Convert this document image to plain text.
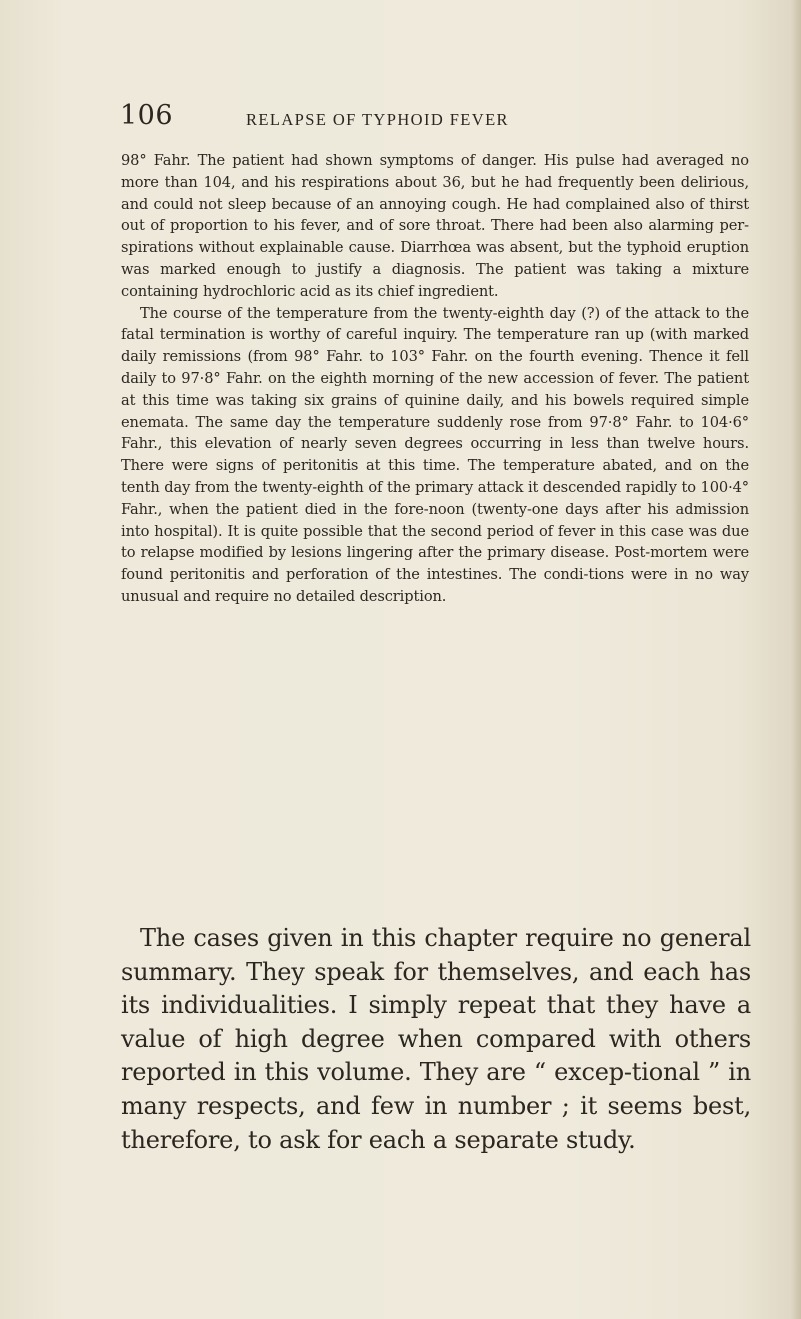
106	RELAPSE OF TYPHOID FEVER

98° Fahr. The patient had shown symptoms of danger. His pulse had averaged no more than 104, and his respirations about 36, but he had frequently been delirious, and could not sleep because of an annoying cough. He had complained also of thirst out of proportion to his fever, and of sore throat. There had been also alarming per-spirations without explainable cause. Diarrhœa was absent, but the typhoid eruption was marked enough to justify a diagnosis. The patient was taking a mixture containing hydrochloric acid as its chief ingredient.

The course of the temperature from the twenty-eighth day (?) of the attack to the fatal termination is worthy of careful inquiry. The temperature ran up (with marked daily remissions (from 98° Fahr. to 103° Fahr. on the fourth evening. Thence it fell daily to 97·8° Fahr. on the eighth morning of the new accession of fever. The patient at this time was taking six grains of quinine daily, and his bowels required simple enemata. The same day the temperature suddenly rose from 97·8° Fahr. to 104·6° Fahr., this elevation of nearly seven degrees occurring in less than twelve hours. There were signs of peritonitis at this time. The temperature abated, and on the tenth day from the twenty-eighth of the primary attack it descended rapidly to 100·4° Fahr., when the patient died in the fore-noon (twenty-one days after his admission into hospital). It is quite possible that the second period of fever in this case was due to relapse modified by lesions lingering after the primary disease. Post-mortem were found peritonitis and perforation of the intestines. The condi-tions were in no way unusual and require no detailed description.

The cases given in this chapter require no general summary. They speak for themselves, and each has its individualities. I simply repeat that they have a value of high degree when compared with others reported in this volume. They are “ excep-tional ” in many respects, and few in number ; it seems best, therefore, to ask for each a separate study.
